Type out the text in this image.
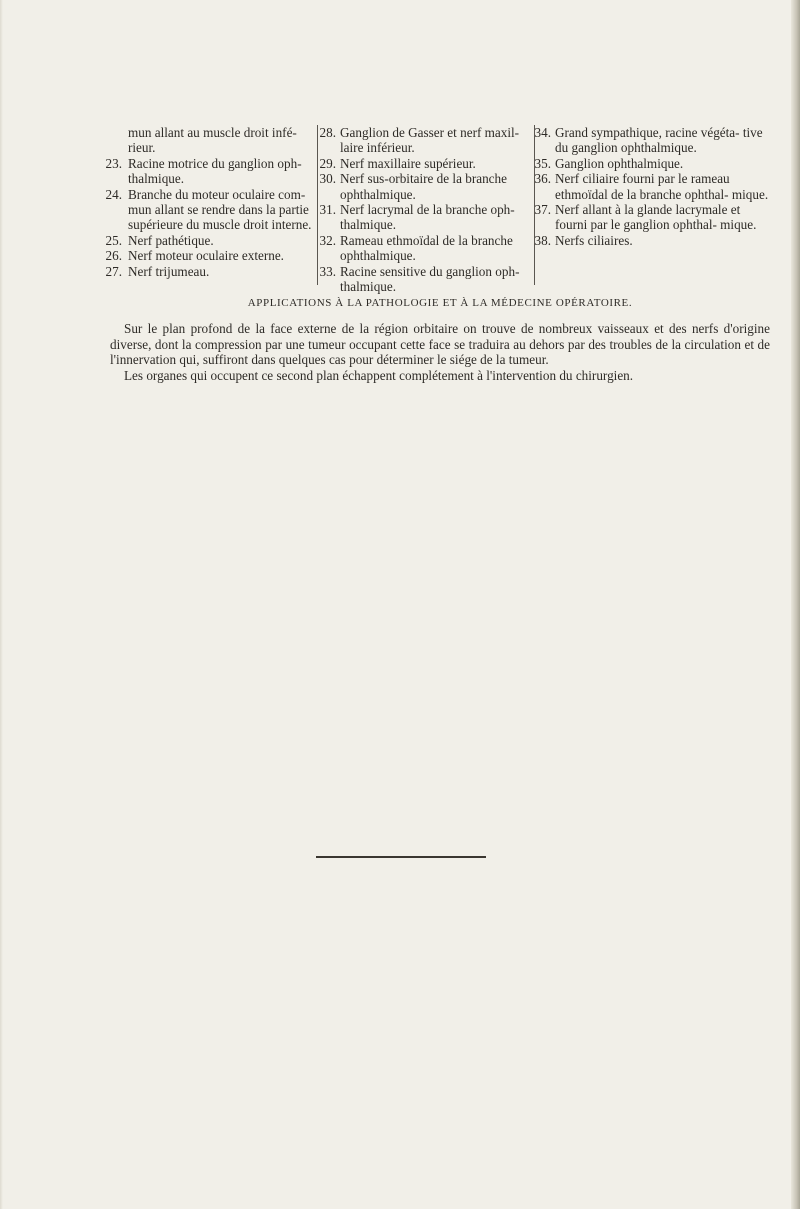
mun allant au muscle droit infé- rieur.
23. Racine motrice du ganglion oph- thalmique.
24. Branche du moteur oculaire com- mun allant se rendre dans la partie supérieure du muscle droit interne.
25. Nerf pathétique.
26. Nerf moteur oculaire externe.
27. Nerf trijumeau.
28. Ganglion de Gasser et nerf maxil- laire inférieur.
29. Nerf maxillaire supérieur.
30. Nerf sus-orbitaire de la branche ophthalmique.
31. Nerf lacrymal de la branche oph- thalmique.
32. Rameau ethmoïdal de la branche ophthalmique.
33. Racine sensitive du ganglion oph- thalmique.
34. Grand sympathique, racine végéta- tive du ganglion ophthalmique.
35. Ganglion ophthalmique.
36. Nerf ciliaire fourni par le rameau ethmoïdal de la branche ophthal- mique.
37. Nerf allant à la glande lacrymale et fourni par le ganglion ophthal- mique.
38. Nerfs ciliaires.
APPLICATIONS À LA PATHOLOGIE ET À LA MÉDECINE OPÉRATOIRE.

Sur le plan profond de la face externe de la région orbitaire on trouve de nombreux vaisseaux et des nerfs d'origine diverse, dont la compression par une tumeur occupant cette face se traduira au dehors par des troubles de la circulation et de l'innervation qui, suffiront dans quelques cas pour déterminer le siége de la tumeur.

Les organes qui occupent ce second plan échappent complétement à l'intervention du chirurgien.
